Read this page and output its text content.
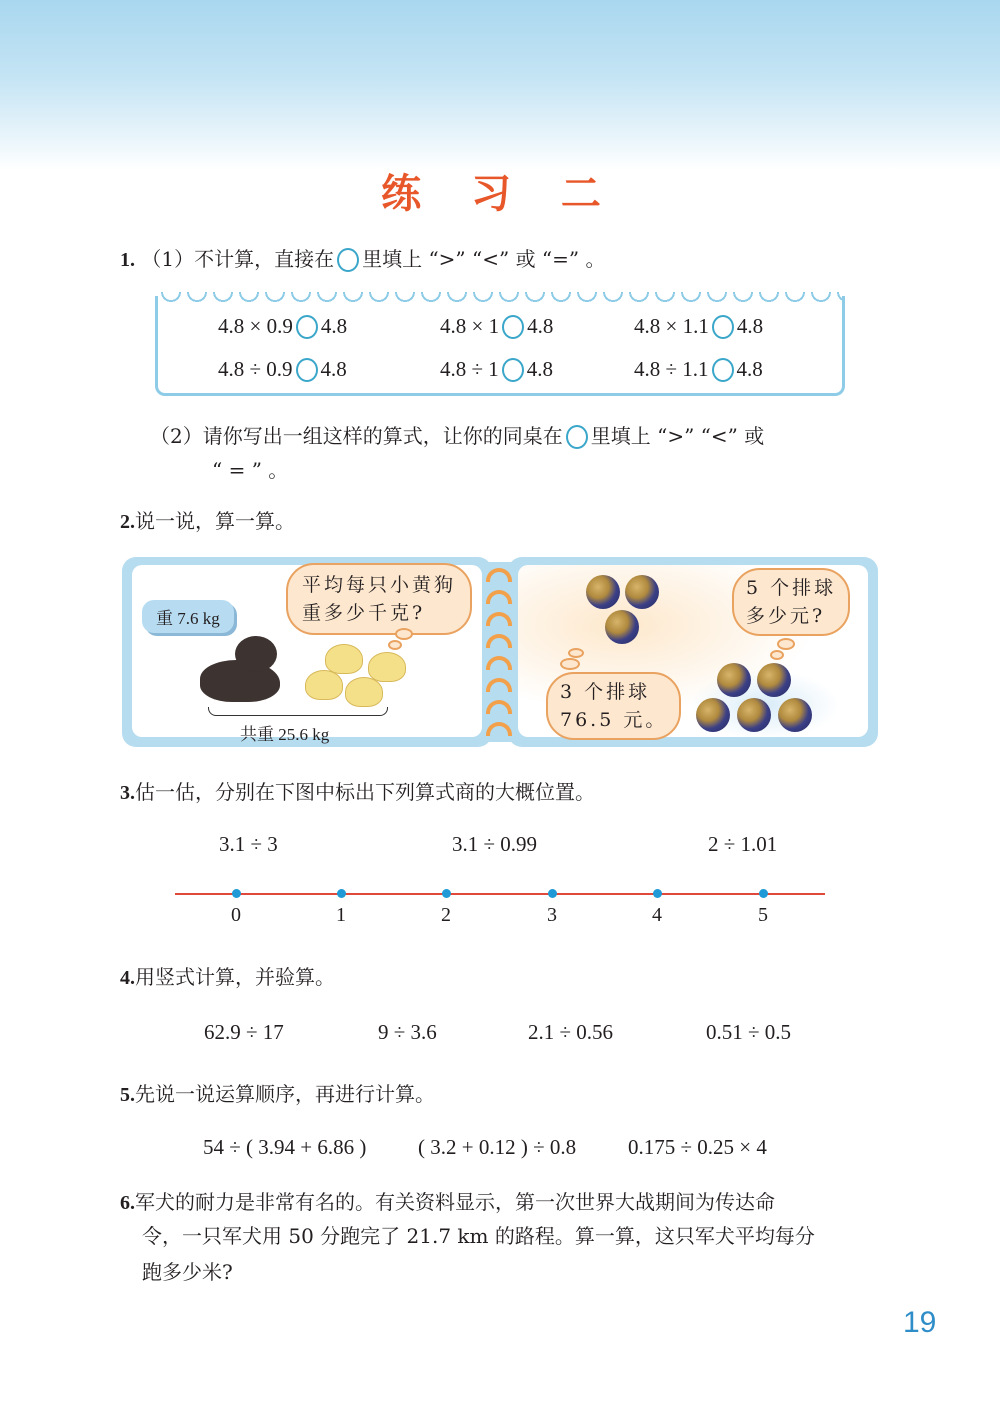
练 习 二
1. （1）不计算，直接在 里填上 “>” “<” 或 “=” 。
4.8 × 0.9 4.8	4.8 × 1 4.8	4.8 × 1.1 4.8
4.8 ÷ 0.9 4.8	4.8 ÷ 1 4.8	4.8 ÷ 1.1 4.8
（2）请你写出一组这样的算式，让你的同桌在 里填上 “>” “<” 或
“ = ” 。
2.说一说，算一算。
重 7.6 kg
平均每只小黄狗
重多少千克?
共重 25.6 kg
5 个排球
多少元?
3 个排球
76.5 元。
3.估一估，分别在下图中标出下列算式商的大概位置。
3.1 ÷ 3	3.1 ÷ 0.99	2 ÷ 1.01
0	1	2	3	4	5
4.用竖式计算，并验算。
62.9 ÷ 17	9 ÷ 3.6	2.1 ÷ 0.56	0.51 ÷ 0.5
5.先说一说运算顺序，再进行计算。
54 ÷ ( 3.94 + 6.86 ) ( 3.2 + 0.12 ) ÷ 0.8 0.175 ÷ 0.25 × 4
6.军犬的耐力是非常有名的。有关资料显示，第一次世界大战期间为传达命
令，一只军犬用 50 分跑完了 21.7 km 的路程。算一算，这只军犬平均每分
跑多少米?
19
